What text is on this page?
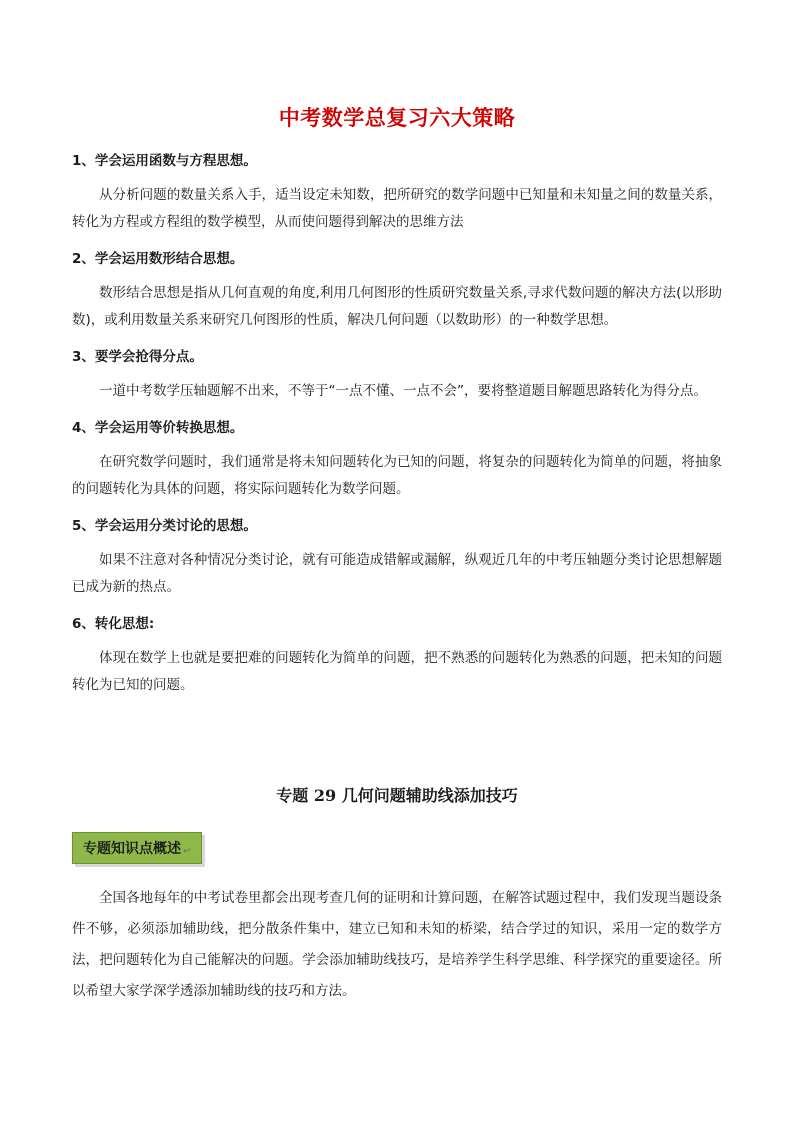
中考数学总复习六大策略

1、学会运用函数与方程思想。

从分析问题的数量关系入手，适当设定未知数，把所研究的数学问题中已知量和未知量之间的数量关系，转化为方程或方程组的数学模型，从而使问题得到解决的思维方法

2、学会运用数形结合思想。

数形结合思想是指从几何直观的角度,利用几何图形的性质研究数量关系,寻求代数问题的解决方法(以形助数)，或利用数量关系来研究几何图形的性质，解决几何问题（以数助形）的一种数学思想。

3、要学会抢得分点。

一道中考数学压轴题解不出来，不等于“一点不懂、一点不会”，要将整道题目解题思路转化为得分点。

4、学会运用等价转换思想。

在研究数学问题时，我们通常是将未知问题转化为已知的问题，将复杂的问题转化为简单的问题，将抽象的问题转化为具体的问题，将实际问题转化为数学问题。

5、学会运用分类讨论的思想。

如果不注意对各种情况分类讨论，就有可能造成错解或漏解，纵观近几年的中考压轴题分类讨论思想解题已成为新的热点。

6、转化思想:

体现在数学上也就是要把难的问题转化为简单的问题，把不熟悉的问题转化为熟悉的问题，把未知的问题转化为已知的问题。

专题 29 几何问题辅助线添加技巧
专题知识点概述 ↵

全国各地每年的中考试卷里都会出现考查几何的证明和计算问题，在解答试题过程中，我们发现当题设条件不够，必须添加辅助线，把分散条件集中，建立已知和未知的桥梁，结合学过的知识，采用一定的数学方法，把问题转化为自己能解决的问题。学会添加辅助线技巧，是培养学生科学思维、科学探究的重要途径。所以希望大家学深学透添加辅助线的技巧和方法。
